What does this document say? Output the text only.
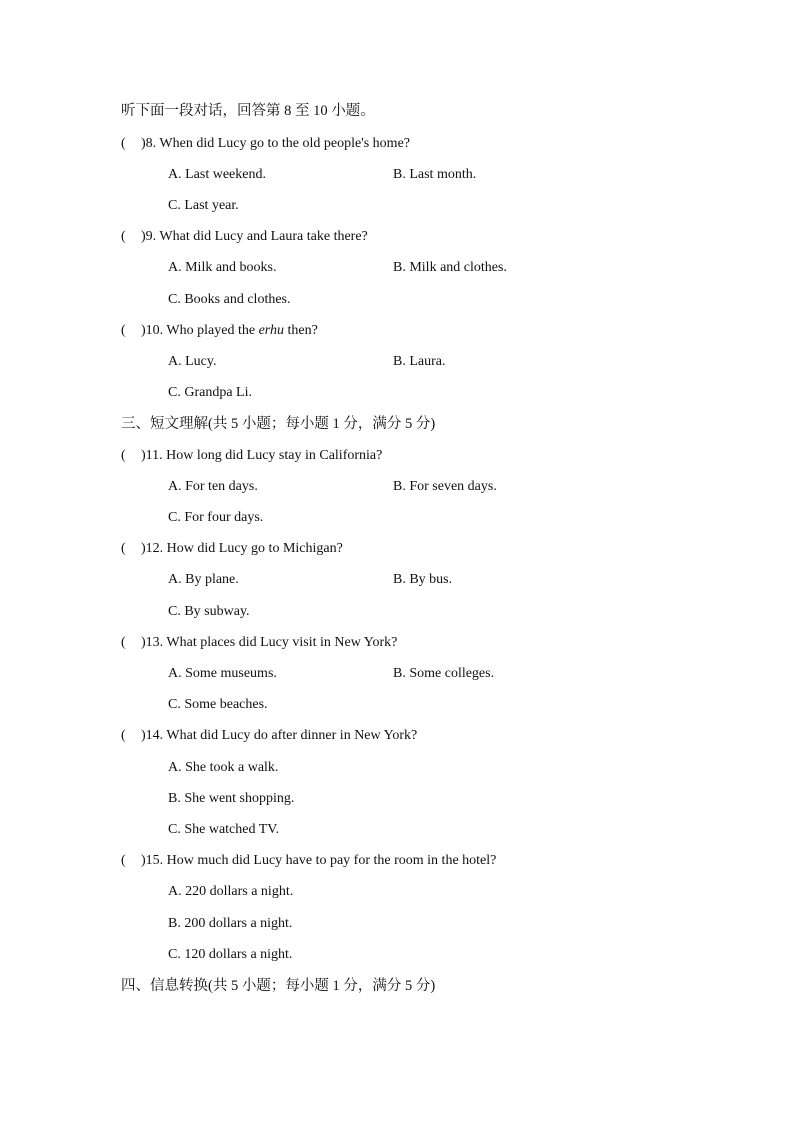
听下面一段对话，回答第 8 至 10 小题。
( )8. When did Lucy go to the old people's home?
A. Last weekend.	B. Last month.
C. Last year.
( )9. What did Lucy and Laura take there?
A. Milk and books.	B. Milk and clothes.
C. Books and clothes.
( )10. Who played the erhu then?
A. Lucy.	B. Laura.
C. Grandpa Li.
三、短文理解(共 5 小题；每小题 1 分，满分 5 分)
( )11. How long did Lucy stay in California?
A. For ten days.	B. For seven days.
C. For four days.
( )12. How did Lucy go to Michigan?
A. By plane.	B. By bus.
C. By subway.
( )13. What places did Lucy visit in New York?
A. Some museums.	B. Some colleges.
C. Some beaches.
( )14. What did Lucy do after dinner in New York?
A. She took a walk.
B. She went shopping.
C. She watched TV.
( )15. How much did Lucy have to pay for the room in the hotel?
A. 220 dollars a night.
B. 200 dollars a night.
C. 120 dollars a night.
四、信息转换(共 5 小题；每小题 1 分，满分 5 分)
